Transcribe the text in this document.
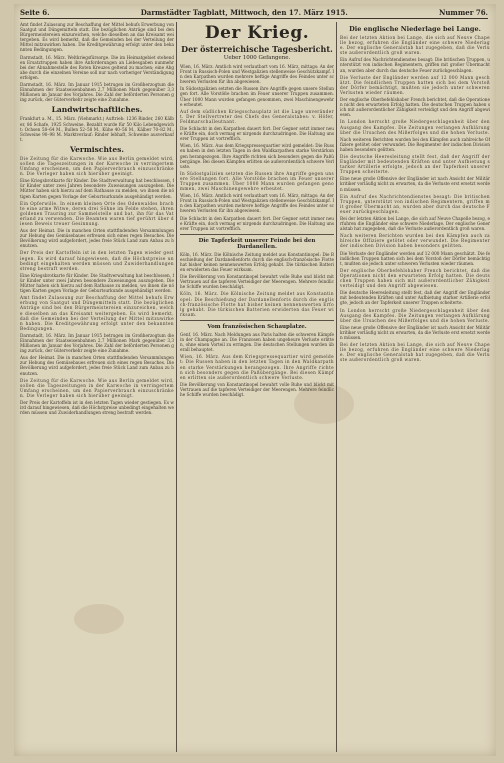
Seite 6.	Darmstädter Tagblatt, Mittwoch, den 17. März 1915.	Nummer 76.

Amt findet Zulassung zur Beschaffung der Mittel behufs Erwerbung von Saatgut und Düngemitteln statt. Die bezüglichen Anträge sind bei den Bürgermeistereien einzureichen, welche dieselben an das Kreisamt weitergeben. Es wird bemerkt, daß die Gemeinden bei der Verteilung der Mittel mitzuwirken haben. Die Kreditgewährung erfolgt unter den bekannten Bedingungen.

Darmstadt, 16. März. Weltkriegsfürsorge. Die im Heimatgebiet stehenden Ersatztruppen haben ihre Anforderungen an Liebesgaben nunmehr bei der Abnahmestelle des Roten Kreuzes geltend zu machen; eine Abgabe durch die einzelnen Vereine soll nur nach vorheriger Verständigung erfolgen.

Darmstadt, 16. März. Im Januar 1915 betrugen im Großherzogtum die Einnahmen der Staatseisenbahnen 2,7 Millionen Mark gegenüber 3,3 Millionen im Januar des Vorjahres. Die Zahl der beförderten Personen ging zurück, der Güterverkehr zeigte eine Zunahme.

Landwirtschaftliches.

Frankfurt a. M., 15. März. (Viehmarkt.) Auftrieb: 1236 Rinder, 260 Kälber, 86 Schafe, 1925 Schweine. Bezahlt wurde für 50 Kilo Lebendgewicht: Ochsen 58–64 M., Bullen 52–58 M., Kühe 40–56 M., Kälber 70–82 M., Schweine 90–98 M. Marktverlauf: Rinder lebhaft, Schweine ausverkauft.

Vermischtes.

Die Zeitung für die Karwoche. Wie aus Berlin gemeldet wird, sollen die Tageszeitungen in der Karwoche in verringertem Umfang erscheinen, um den Papierverbrauch einzuschränken. Die Verleger haben sich hierüber geeinigt.

Eine Kriegsbrotkarte für Kinder. Die Stadtverwaltung hat beschlossen, für Kinder unter zwei Jahren besondere Zuweisungen auszugeben. Die Mütter haben sich hierzu auf dem Rathause zu melden, wo ihnen die nötigen Karten gegen Vorlage der Geburtsurkunde ausgehändigt werden.

Ein Opferwille. In einem kleinen Orte des Odenwaldes brachte eine arme Witwe, deren drei Söhne im Felde stehen, ihren goldenen Trauring zur Sammelstelle und bat, ihn für das Vaterland zu verwenden. Die Beamten waren tief gerührt über diesen Beweis treuer Gesinnung.

Aus der Heimat. Die in manchen Orten stattfindenden Versammlungen zur Hebung des Gemüsebaues erfreuen sich eines regen Besuches. Die Bevölkerung wird aufgefordert, jedes freie Stück Land zum Anbau zu benutzen.

Der Preis der Kartoffeln ist in den letzten Tagen wieder gestiegen. Es wird darauf hingewiesen, daß die Höchstpreise unbedingt eingehalten werden müssen und Zuwiderhandlungen streng bestraft werden.

Eine Kriegsbrotkarte für Kinder. Die Stadtverwaltung hat beschlossen, für Kinder unter zwei Jahren besondere Zuweisungen auszugeben. Die Mütter haben sich hierzu auf dem Rathause zu melden, wo ihnen die nötigen Karten gegen Vorlage der Geburtsurkunde ausgehändigt werden.

Amt findet Zulassung zur Beschaffung der Mittel behufs Erwerbung von Saatgut und Düngemitteln statt. Die bezüglichen Anträge sind bei den Bürgermeistereien einzureichen, welche dieselben an das Kreisamt weitergeben. Es wird bemerkt, daß die Gemeinden bei der Verteilung der Mittel mitzuwirken haben. Die Kreditgewährung erfolgt unter den bekannten Bedingungen.

Darmstadt, 16. März. Im Januar 1915 betrugen im Großherzogtum die Einnahmen der Staatseisenbahnen 2,7 Millionen Mark gegenüber 3,3 Millionen im Januar des Vorjahres. Die Zahl der beförderten Personen ging zurück, der Güterverkehr zeigte eine Zunahme.

Aus der Heimat. Die in manchen Orten stattfindenden Versammlungen zur Hebung des Gemüsebaues erfreuen sich eines regen Besuches. Die Bevölkerung wird aufgefordert, jedes freie Stück Land zum Anbau zu benutzen.

Die Zeitung für die Karwoche. Wie aus Berlin gemeldet wird, sollen die Tageszeitungen in der Karwoche in verringertem Umfang erscheinen, um den Papierverbrauch einzuschränken. Die Verleger haben sich hierüber geeinigt.

Der Preis der Kartoffeln ist in den letzten Tagen wieder gestiegen. Es wird darauf hingewiesen, daß die Höchstpreise unbedingt eingehalten werden müssen und Zuwiderhandlungen streng bestraft werden.

Der Krieg.
Der österreichische Tagesbericht.
Ueber 1000 Gefangene.

Wien, 16. März. Amtlich wird verlautbart vom 16. März, mittags: An der Front in Russisch-Polen und Westgalizien stellenweise Geschützkampf. In den Karpathen wurden mehrere heftige Angriffe des Feindes unter schweren Verlusten für ihn abgewiesen.

In Südostgalizien setzten die Russen ihre Angriffe gegen unsere Stellungen fort. Alle Vorstöße brachen im Feuer unserer Truppen zusammen. Über 1000 Mann wurden gefangen genommen, zwei Maschinengewehre erbeutet.

Auf dem südlichen Kriegsschauplatz ist die Lage unverändert. Der Stellvertreter des Chefs des Generalstabes: v. Höfer, Feldmarschalleutnant.

Die Schlacht in den Karpathen dauert fort. Der Gegner setzt immer neue Kräfte ein, doch vermag er nirgends durchzudringen. Die Haltung unserer Truppen ist vortrefflich.

Wien, 16. März. Aus dem Kriegspressequartier wird gemeldet: Die Russen haben in den letzten Tagen in den Waldkarpathen starke Verstärkungen herangezogen. Ihre Angriffe richten sich besonders gegen die Paßübergänge. Bei diesen Kämpfen erlitten sie außerordentlich schwere Verluste.

In Südostgalizien setzten die Russen ihre Angriffe gegen unsere Stellungen fort. Alle Vorstöße brachen im Feuer unserer Truppen zusammen. Über 1000 Mann wurden gefangen genommen, zwei Maschinengewehre erbeutet.

Wien, 16. März. Amtlich wird verlautbart vom 16. März, mittags: An der Front in Russisch-Polen und Westgalizien stellenweise Geschützkampf. In den Karpathen wurden mehrere heftige Angriffe des Feindes unter schweren Verlusten für ihn abgewiesen.

Die Schlacht in den Karpathen dauert fort. Der Gegner setzt immer neue Kräfte ein, doch vermag er nirgends durchzudringen. Die Haltung unserer Truppen ist vortrefflich.

Die Tapferkeit unserer Feinde bei den Dardanellen.

Köln, 16. März. Die Kölnische Zeitung meldet aus Konstantinopel: Die Beschießung der Dardanellenforts durch die englisch-französische Flotte hat bisher keinen nennenswerten Erfolg gehabt. Die türkischen Batterien erwiderten das Feuer wirksam.

Die Bevölkerung von Konstantinopel bewahrt volle Ruhe und blickt mit Vertrauen auf die tapferen Verteidiger der Meerengen. Mehrere feindliche Schiffe wurden beschädigt.

Köln, 16. März. Die Kölnische Zeitung meldet aus Konstantinopel: Die Beschießung der Dardanellenforts durch die englisch-französische Flotte hat bisher keinen nennenswerten Erfolg gehabt. Die türkischen Batterien erwiderten das Feuer wirksam.

Vom französischen Schauplatze.

Genf, 16. März. Nach Meldungen aus Paris halten die schweren Kämpfe in der Champagne an. Die Franzosen haben ungeheure Verluste erlitten, ohne einen Vorteil zu erringen. Die deutschen Stellungen wurden überall behauptet.

Wien, 16. März. Aus dem Kriegspressequartier wird gemeldet: Die Russen haben in den letzten Tagen in den Waldkarpathen starke Verstärkungen herangezogen. Ihre Angriffe richten sich besonders gegen die Paßübergänge. Bei diesen Kämpfen erlitten sie außerordentlich schwere Verluste.

Die Bevölkerung von Konstantinopel bewahrt volle Ruhe und blickt mit Vertrauen auf die tapferen Verteidiger der Meerengen. Mehrere feindliche Schiffe wurden beschädigt.

Die englische Niederlage bei Lange.

Bei der letzten Aktion bei Lange, die sich auf Neuve Chapelle bezog, erfuhren die Engländer eine schwere Niederlage. Der englische Generalstab hat zugegeben, daß die Verluste außerordentlich groß waren.

Ein Aufruf des Nachrichtendienstes besagt: Die britischen Truppen, unterstützt von indischen Regimentern, griffen mit großer Übermacht an, wurden aber durch das deutsche Feuer zurückgeschlagen.

Die Verluste der Engländer werden auf 12 000 Mann geschätzt. Die feindlichen Truppen hatten sich bei dem Vorstoß der Dörfer bemächtigt, mußten sie jedoch unter schweren Verlusten wieder räumen.

Der englische Oberbefehlshaber French berichtet, daß die Operationen nicht den erwarteten Erfolg hatten. Die deutschen Truppen haben sich mit außerordentlicher Zähigkeit verteidigt und den Angriff abgewiesen.

In London herrscht große Niedergeschlagenheit über den Ausgang des Kampfes. Die Zeitungen verlangen Aufklärung über die Ursachen des Mißerfolges und die hohen Verluste.

Nach weiteren Berichten wurden bei den Kämpfen auch zahlreiche Offiziere getötet oder verwundet. Die Regimenter der indischen Division haben besonders gelitten.

Die deutsche Heeresleitung stellt fest, daß der Angriff der Engländer mit bedeutenden Kräften und unter Aufbietung starker Artillerie erfolgte, jedoch an der Tapferkeit unserer Truppen scheiterte.

Eine neue große Offensive der Engländer ist nach Ansicht der Militärkritiker vorläufig nicht zu erwarten, da die Verluste erst ersetzt werden müssen.

Ein Aufruf des Nachrichtendienstes besagt: Die britischen Truppen, unterstützt von indischen Regimentern, griffen mit großer Übermacht an, wurden aber durch das deutsche Feuer zurückgeschlagen.

Bei der letzten Aktion bei Lange, die sich auf Neuve Chapelle bezog, erfuhren die Engländer eine schwere Niederlage. Der englische Generalstab hat zugegeben, daß die Verluste außerordentlich groß waren.

Nach weiteren Berichten wurden bei den Kämpfen auch zahlreiche Offiziere getötet oder verwundet. Die Regimenter der indischen Division haben besonders gelitten.

Die Verluste der Engländer werden auf 12 000 Mann geschätzt. Die feindlichen Truppen hatten sich bei dem Vorstoß der Dörfer bemächtigt, mußten sie jedoch unter schweren Verlusten wieder räumen.

Der englische Oberbefehlshaber French berichtet, daß die Operationen nicht den erwarteten Erfolg hatten. Die deutschen Truppen haben sich mit außerordentlicher Zähigkeit verteidigt und den Angriff abgewiesen.

Die deutsche Heeresleitung stellt fest, daß der Angriff der Engländer mit bedeutenden Kräften und unter Aufbietung starker Artillerie erfolgte, jedoch an der Tapferkeit unserer Truppen scheiterte.

In London herrscht große Niedergeschlagenheit über den Ausgang des Kampfes. Die Zeitungen verlangen Aufklärung über die Ursachen des Mißerfolges und die hohen Verluste.

Eine neue große Offensive der Engländer ist nach Ansicht der Militärkritiker vorläufig nicht zu erwarten, da die Verluste erst ersetzt werden müssen.

Bei der letzten Aktion bei Lange, die sich auf Neuve Chapelle bezog, erfuhren die Engländer eine schwere Niederlage. Der englische Generalstab hat zugegeben, daß die Verluste außerordentlich groß waren.
